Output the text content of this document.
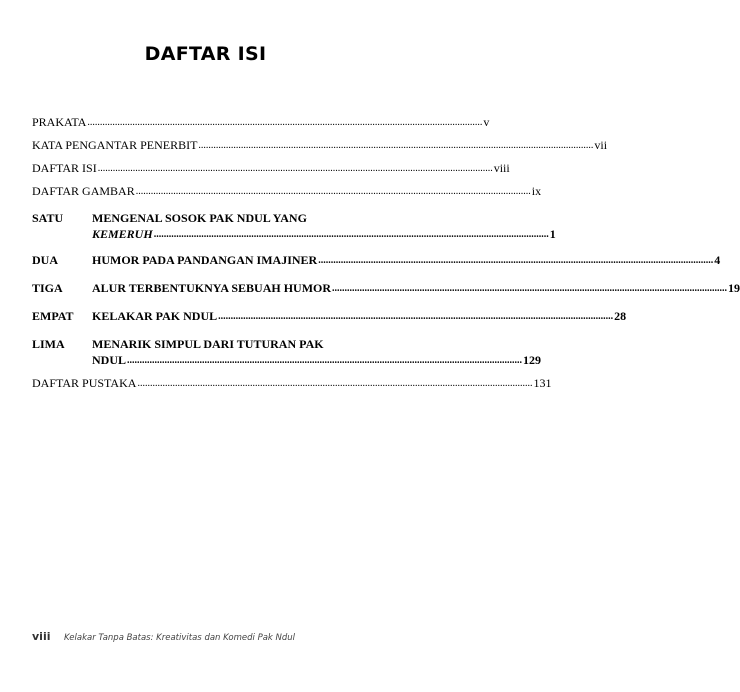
DAFTAR ISI
PRAKATA .............................................................................................................................................................. v
KATA PENGANTAR PENERBIT .............................................................................................................................................................. vii
DAFTAR ISI .............................................................................................................................................................. viii
DAFTAR GAMBAR .............................................................................................................................................................. ix
SATU	MENGENAL SOSOK PAK NDUL YANG
KEMERUH .............................................................................................................................................................. 1
DUA	HUMOR PADA PANDANGAN IMAJINER .............................................................................................................................................................. 4
TIGA	ALUR TERBENTUKNYA SEBUAH HUMOR .............................................................................................................................................................. 19
EMPAT	KELAKAR PAK NDUL .............................................................................................................................................................. 28
LIMA	MENARIK SIMPUL DARI TUTURAN PAK
NDUL .............................................................................................................................................................. 129
DAFTAR PUSTAKA .............................................................................................................................................................. 131
viii	Kelakar Tanpa Batas: Kreativitas dan Komedi Pak Ndul
